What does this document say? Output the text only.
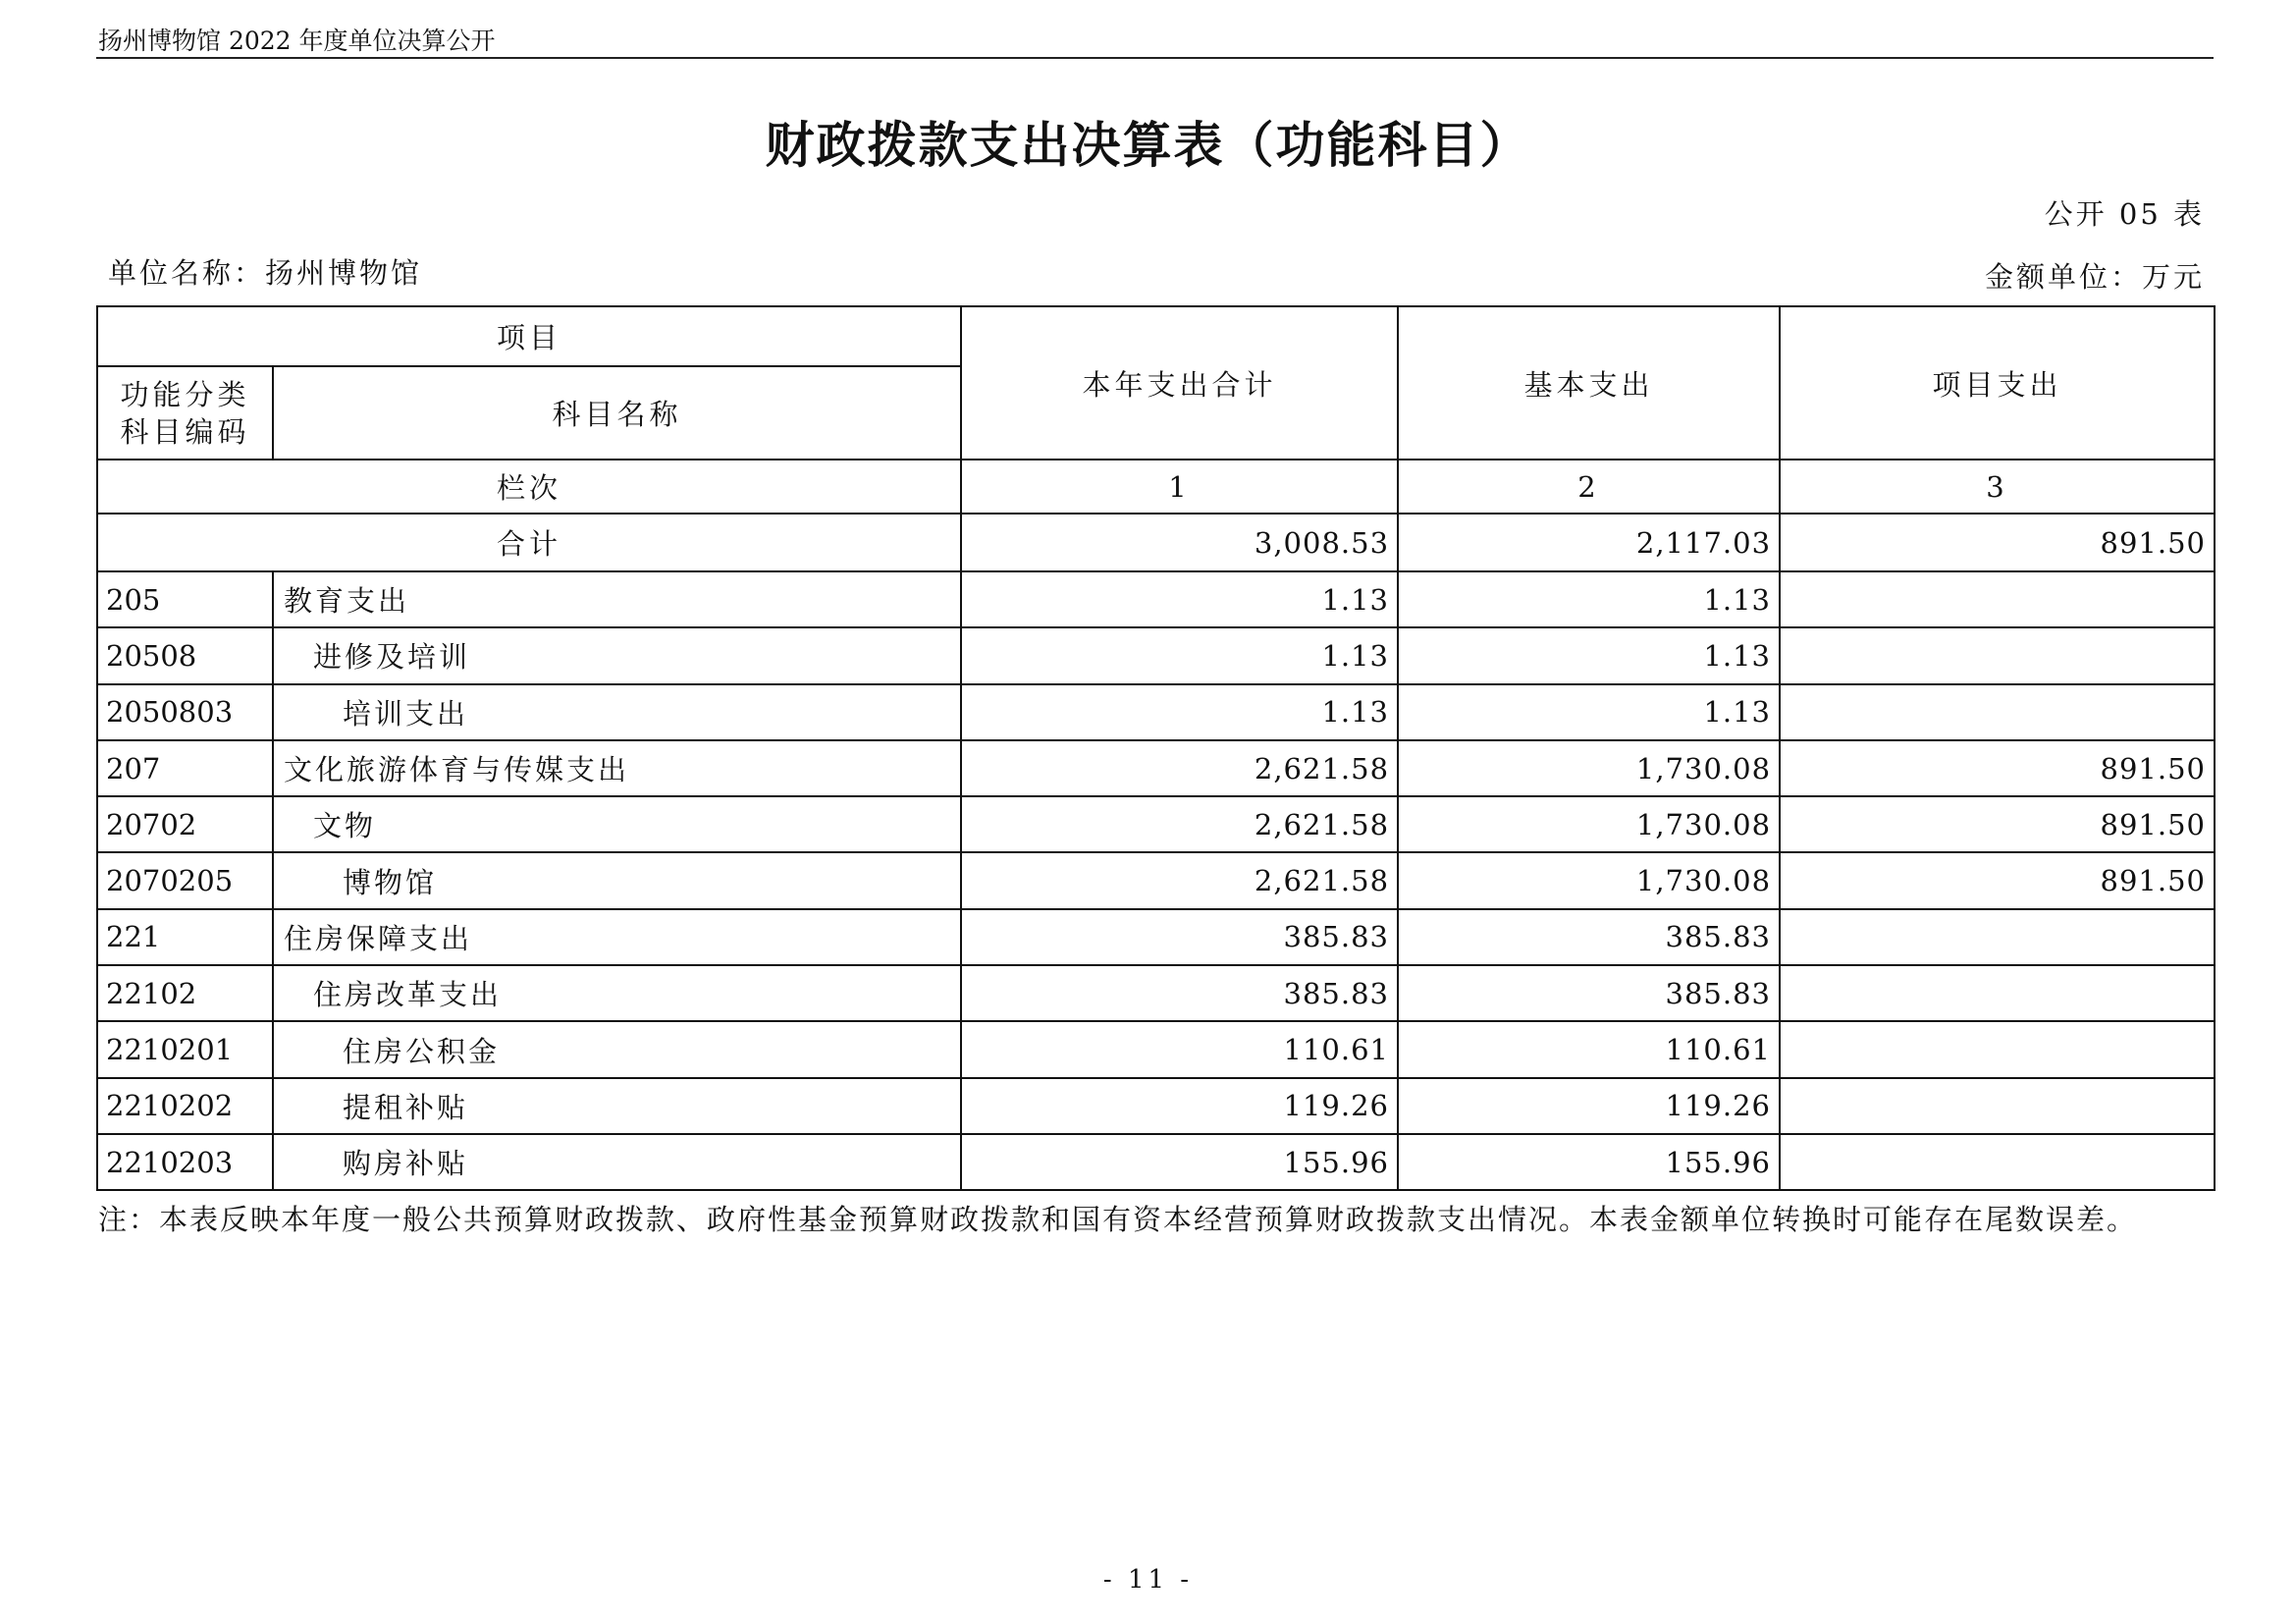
扬州博物馆 2022 年度单位决算公开
财政拨款支出决算表（功能科目）
公开 05 表
单位名称：扬州博物馆	金额单位：万元
项目		本年支出合计	基本支出	项目支出
功能分类科目编码	科目名称			
栏次		1	2	3
合计		3,008.53	2,117.03	891.50
205	教育支出	1.13	1.13	
20508	进修及培训	1.13	1.13	
2050803	培训支出	1.13	1.13	
207	文化旅游体育与传媒支出	2,621.58	1,730.08	891.50
20702	文物	2,621.58	1,730.08	891.50
2070205	博物馆	2,621.58	1,730.08	891.50
221	住房保障支出	385.83	385.83	
22102	住房改革支出	385.83	385.83	
2210201	住房公积金	110.61	110.61	
2210202	提租补贴	119.26	119.26	
2210203	购房补贴	155.96	155.96	
注：本表反映本年度一般公共预算财政拨款、政府性基金预算财政拨款和国有资本经营预算财政拨款支出情况。本表金额单位转换时可能存在尾数误差。
- 11 -
